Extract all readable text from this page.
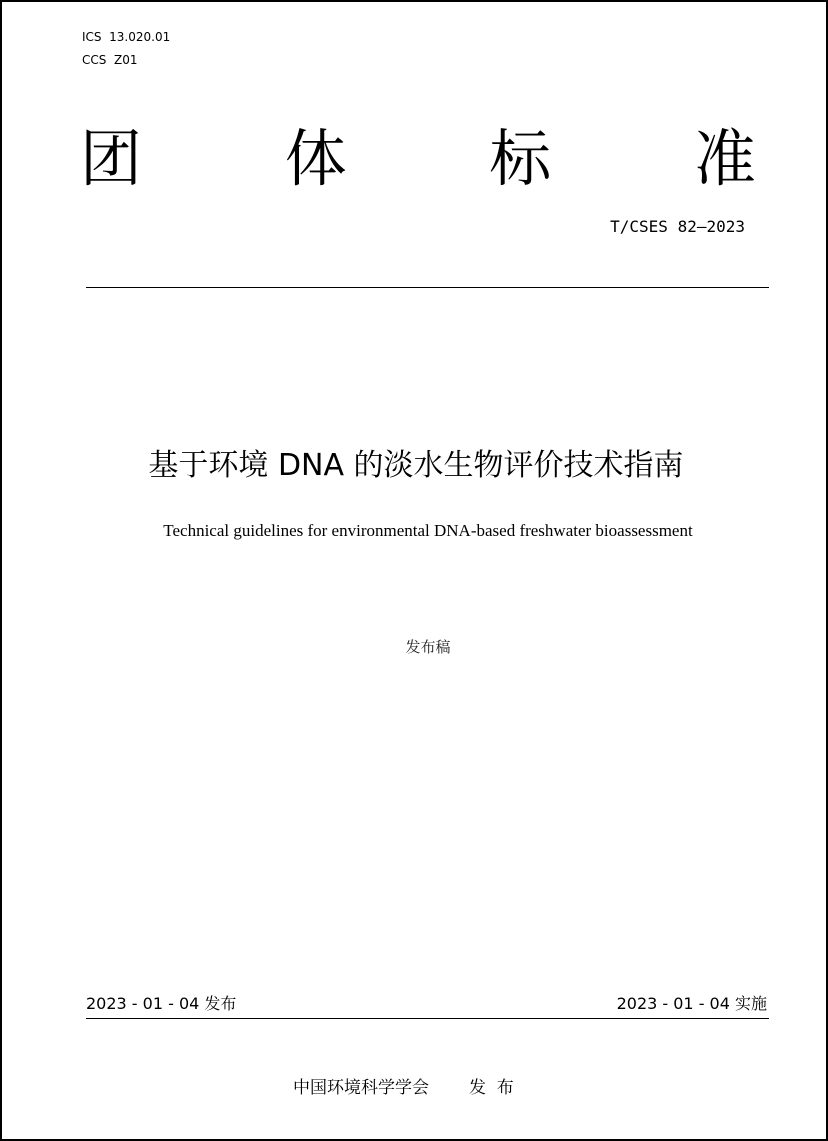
ICS  13.020.01
CCS  Z01
团 体 标 准
T/CSES 82—2023
基于环境 DNA 的淡水生物评价技术指南
Technical guidelines for environmental DNA-based freshwater bioassessment
发布稿
2023 - 01 - 04 发布	2023 - 01 - 04 实施
中国环境科学学会 发  布
